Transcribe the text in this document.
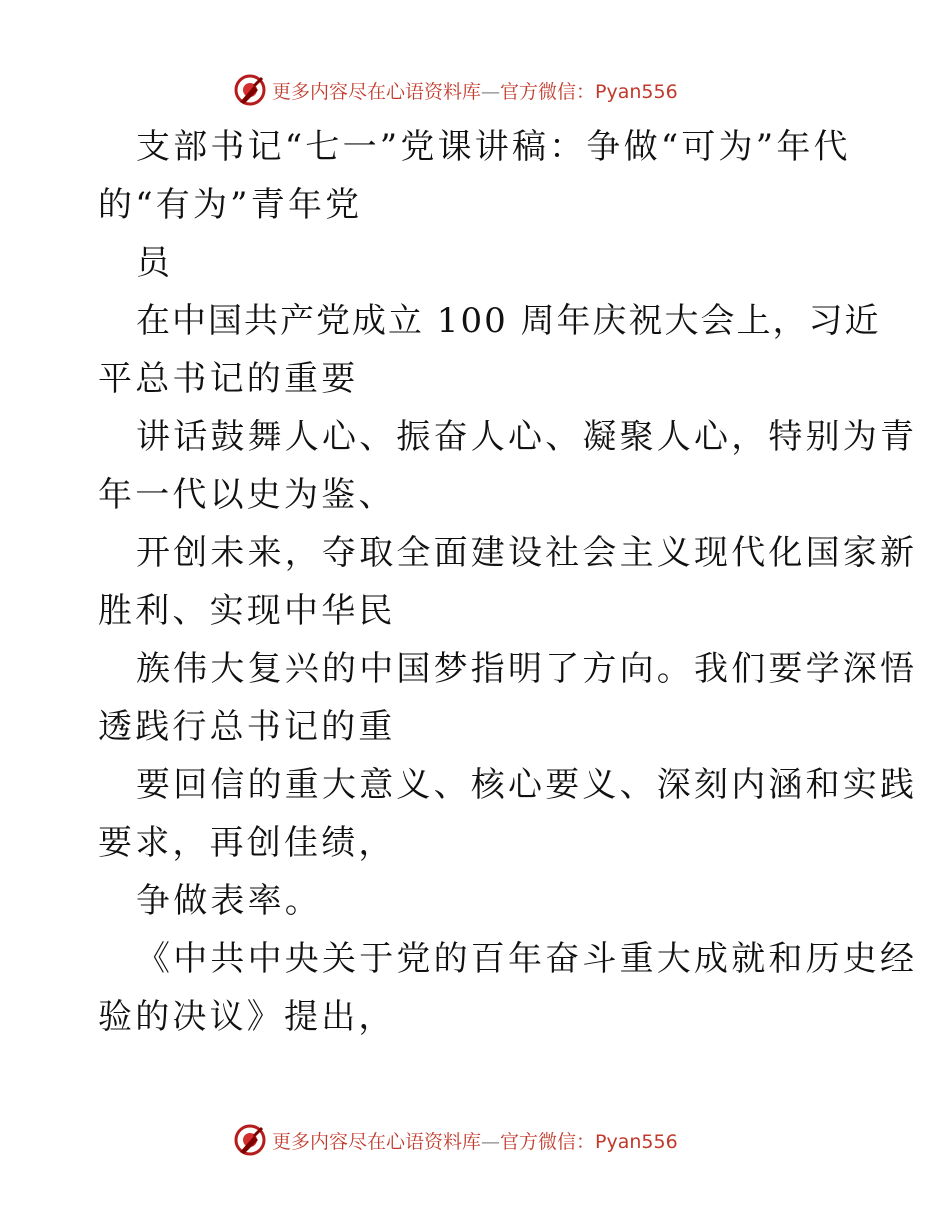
更多内容尽在心语资料库—官方微信：Pyan556
支部书记“七一”党课讲稿：争做“可为”年代
的“有为”青年党
员
在中国共产党成立 100 周年庆祝大会上，习近
平总书记的重要
讲话鼓舞人心、振奋人心、凝聚人心，特别为青
年一代以史为鉴、
开创未来，夺取全面建设社会主义现代化国家新
胜利、实现中华民
族伟大复兴的中国梦指明了方向。我们要学深悟
透践行总书记的重
要回信的重大意义、核心要义、深刻内涵和实践
要求，再创佳绩，
争做表率。
《中共中央关于党的百年奋斗重大成就和历史经
验的决议》提出，
更多内容尽在心语资料库—官方微信：Pyan556
